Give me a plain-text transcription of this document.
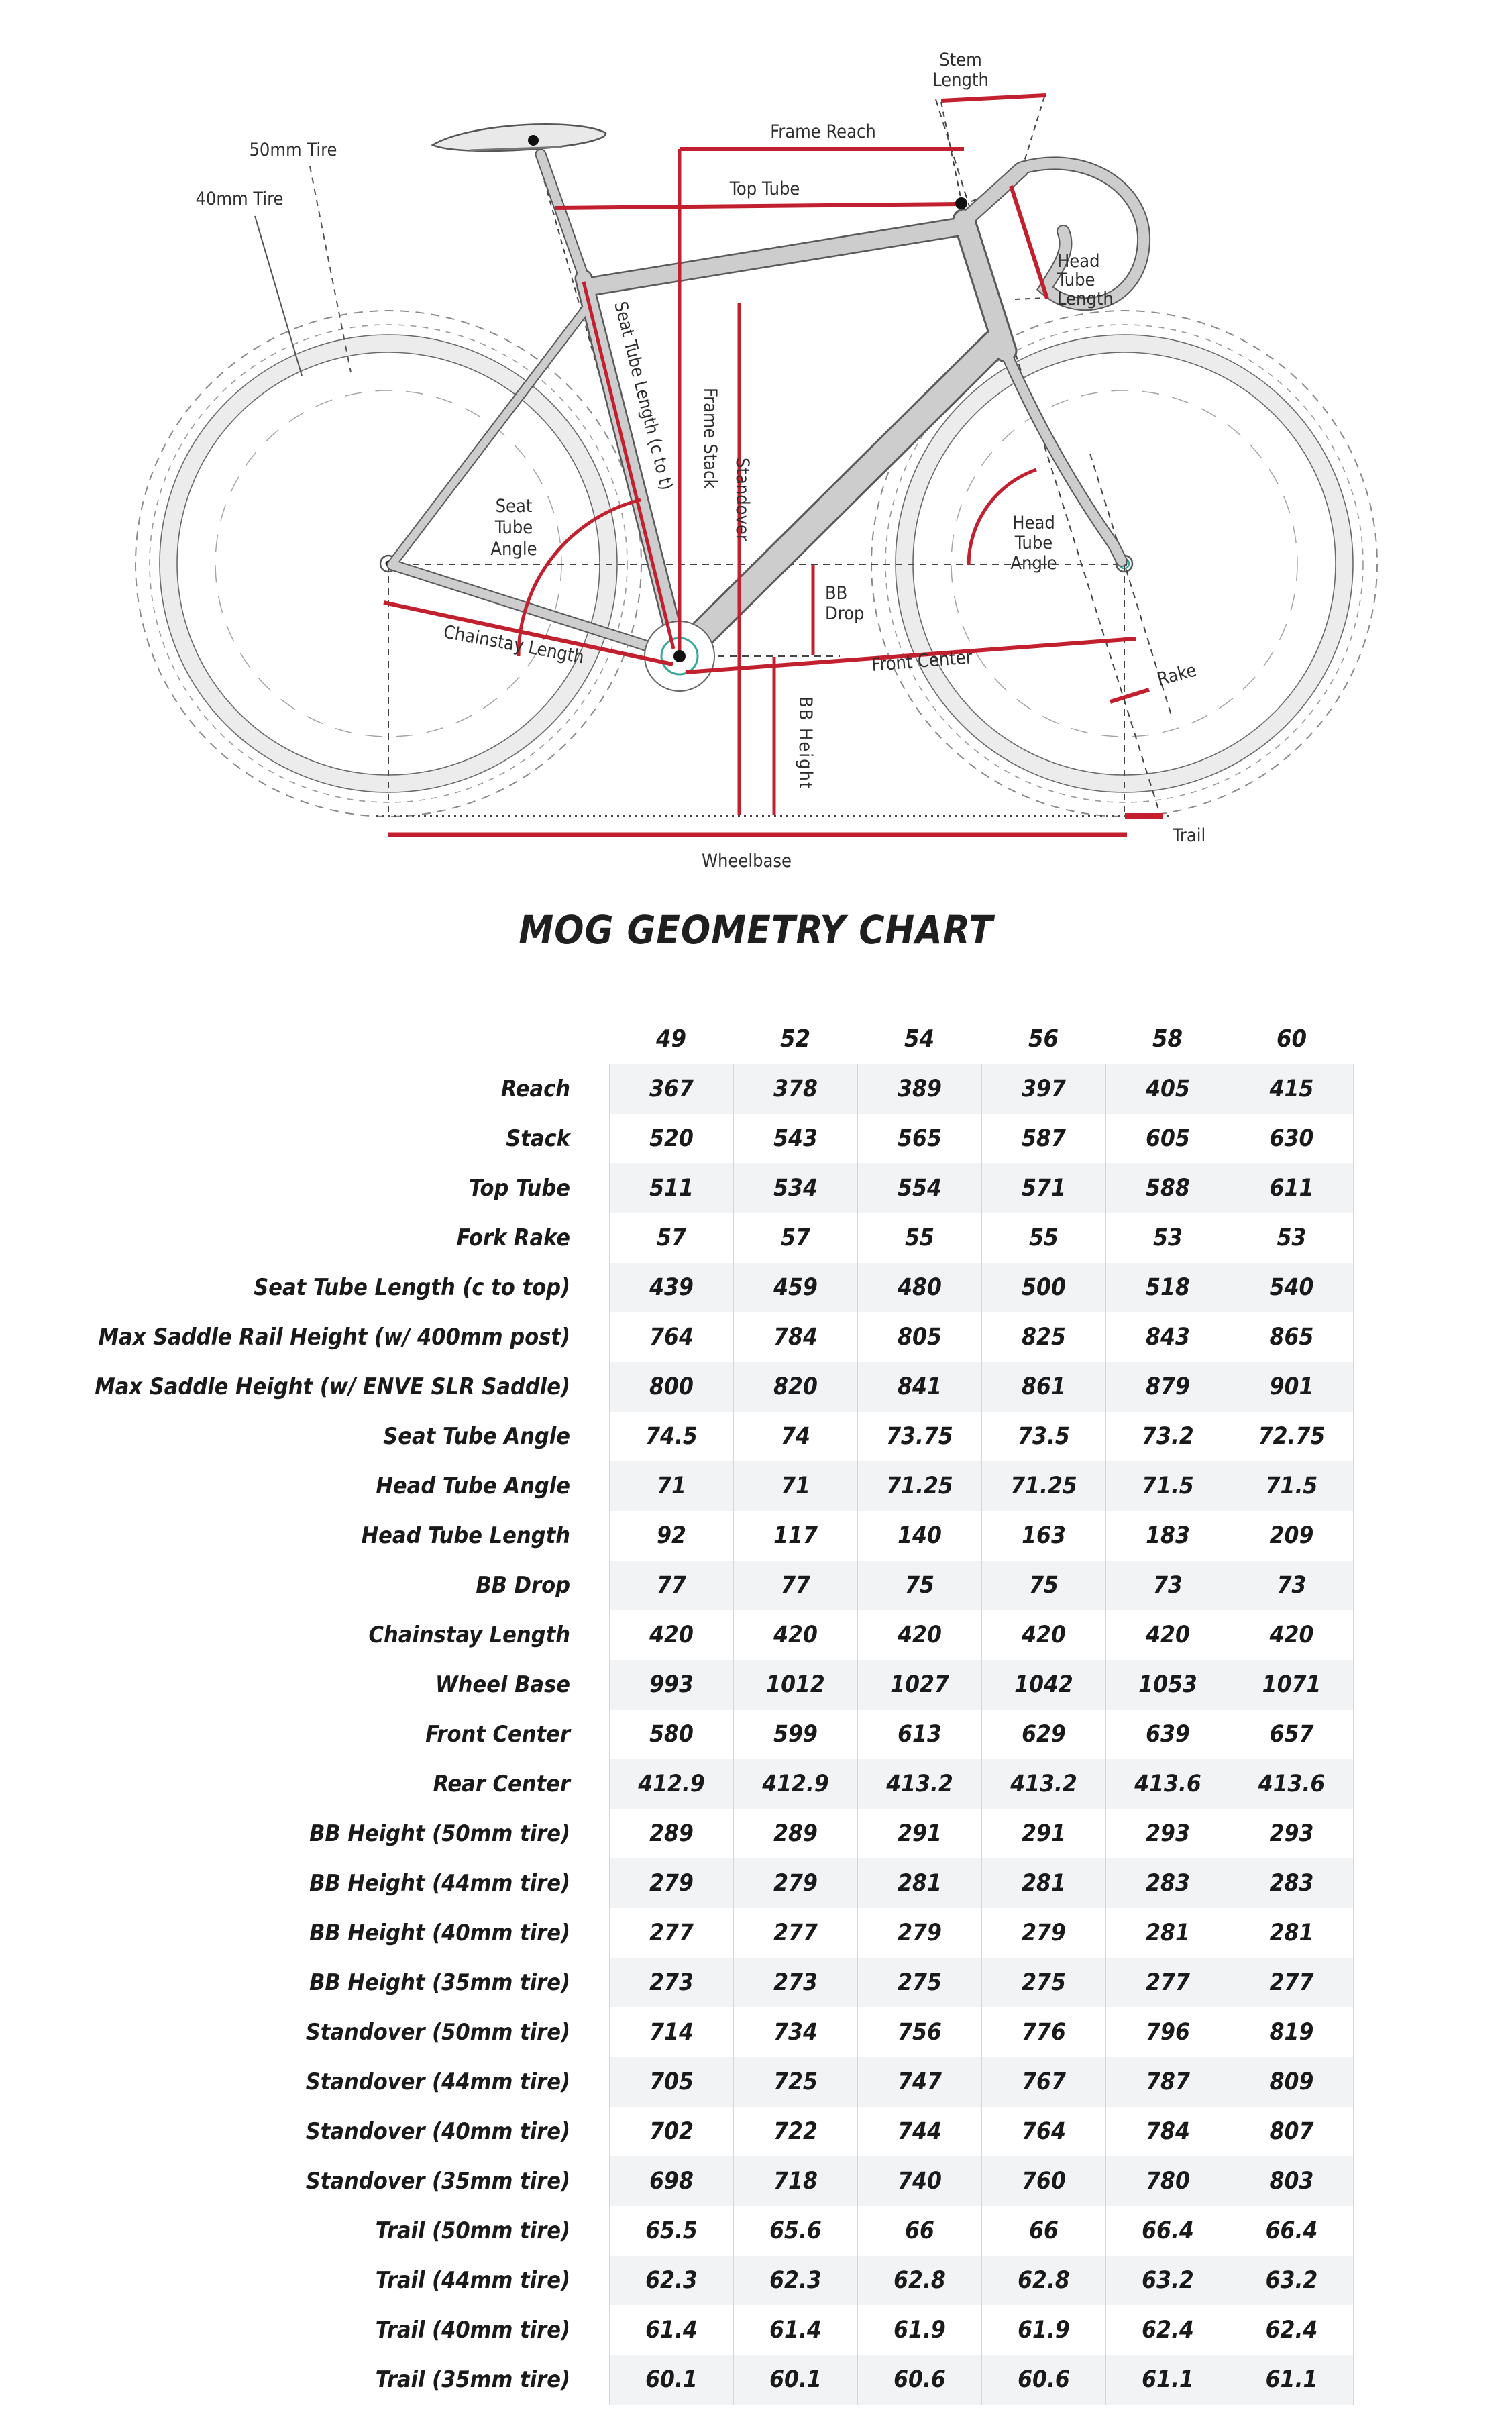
50mm Tire
40mm Tire
Stem
Length
Frame Reach
Top Tube
Head
Tube
Length
Seat Tube Length (c to t) Frame Stack
Standover
Seat
Tube
Angle
Head
Tube
Angle
BB
Drop
Chainstay Length	Front Center	Rake
BB Height
Wheelbase
Trail
MOG GEOMETRY CHART
49	52	54	56	58	60
Reach	367	378	389	397	405	415
Stack	520	543	565	587	605	630
Top Tube	511	534	554	571	588	611
Fork Rake	57	57	55	55	53	53
Seat Tube Length (c to top)	439	459	480	500	518	540
Max Saddle Rail Height (w/ 400mm post)	764	784	805	825	843	865
Max Saddle Height (w/ ENVE SLR Saddle)	800	820	841	861	879	901
Seat Tube Angle	74.5	74	73.75	73.5	73.2	72.75
Head Tube Angle	71	71	71.25	71.25	71.5	71.5
Head Tube Length	92	117	140	163	183	209
BB Drop	77	77	75	75	73	73
Chainstay Length	420	420	420	420	420	420
Wheel Base	993	1012	1027	1042	1053	1071
Front Center	580	599	613	629	639	657
Rear Center	412.9	412.9	413.2	413.2	413.6	413.6
BB Height (50mm tire)	289	289	291	291	293	293
BB Height (44mm tire)	279	279	281	281	283	283
BB Height (40mm tire)	277	277	279	279	281	281
BB Height (35mm tire)	273	273	275	275	277	277
Standover (50mm tire)	714	734	756	776	796	819
Standover (44mm tire)	705	725	747	767	787	809
Standover (40mm tire)	702	722	744	764	784	807
Standover (35mm tire)	698	718	740	760	780	803
Trail (50mm tire)	65.5	65.6	66	66	66.4	66.4
Trail (44mm tire)	62.3	62.3	62.8	62.8	63.2	63.2
Trail (40mm tire)	61.4	61.4	61.9	61.9	62.4	62.4
Trail (35mm tire)	60.1	60.1	60.6	60.6	61.1	61.1
